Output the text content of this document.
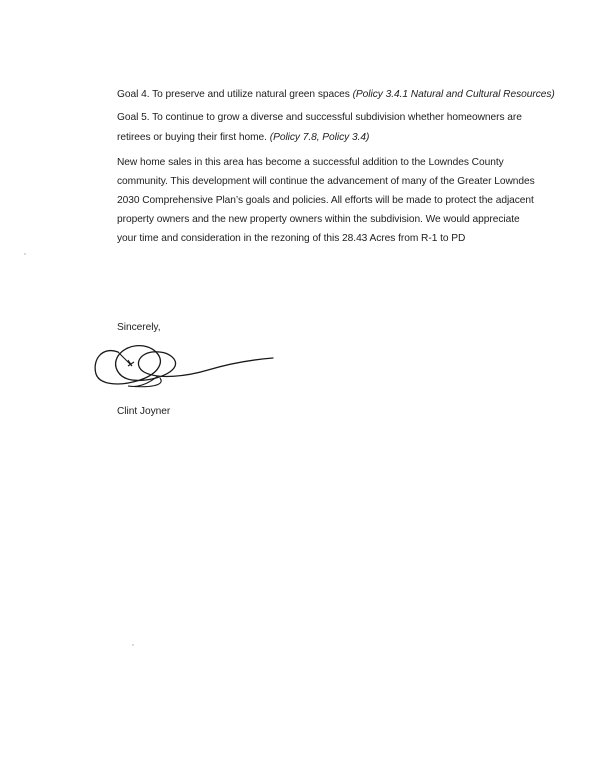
Goal 4. To preserve and utilize natural green spaces (Policy 3.4.1 Natural and Cultural Resources)
Goal 5. To continue to grow a diverse and successful subdivision whether homeowners are
retirees or buying their first home. (Policy 7.8, Policy 3.4)
New home sales in this area has become a successful addition to the Lowndes County
community. This development will continue the advancement of many of the Greater Lowndes
2030 Comprehensive Plan’s goals and policies. All efforts will be made to protect the adjacent
property owners and the new property owners within the subdivision. We would appreciate
your time and consideration in the rezoning of this 28.43 Acres from R-1 to PD
Sincerely,
Clint Joyner
